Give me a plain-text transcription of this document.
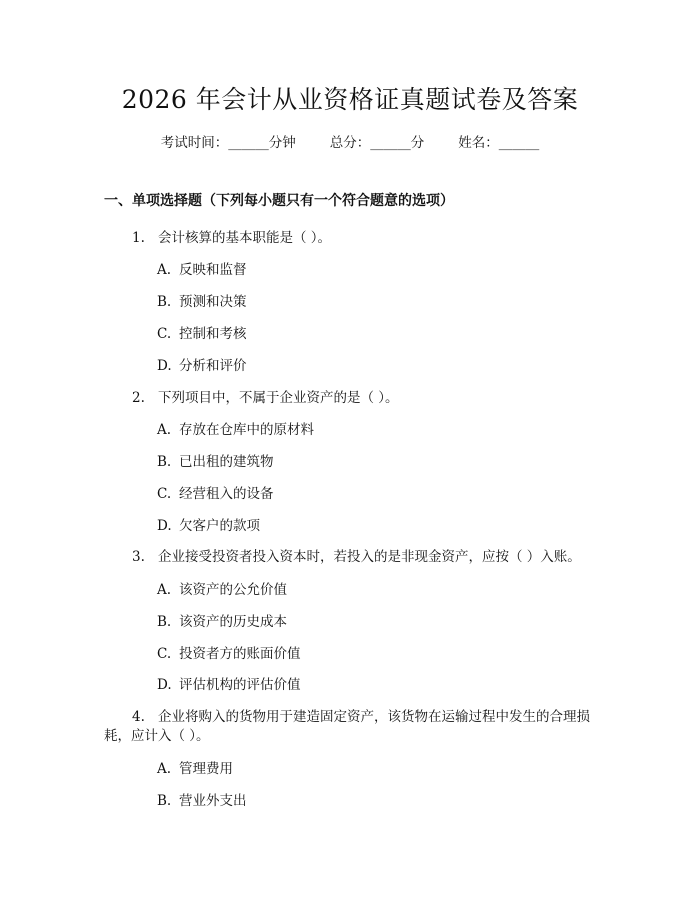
2026 年会计从业资格证真题试卷及答案
考试时间：______分钟	总分：______分	姓名：______
一、单项选择题（下列每小题只有一个符合题意的选项）
1. 会计核算的基本职能是（ ）。
A. 反映和监督
B. 预测和决策
C. 控制和考核
D. 分析和评价
2. 下列项目中，不属于企业资产的是（ ）。
A. 存放在仓库中的原材料
B. 已出租的建筑物
C. 经营租入的设备
D. 欠客户的款项
3. 企业接受投资者投入资本时，若投入的是非现金资产，应按（ ）入账。
A. 该资产的公允价值
B. 该资产的历史成本
C. 投资者方的账面价值
D. 评估机构的评估价值
4. 企业将购入的货物用于建造固定资产，该货物在运输过程中发生的合理损
耗，应计入（ ）。
A. 管理费用
B. 营业外支出
